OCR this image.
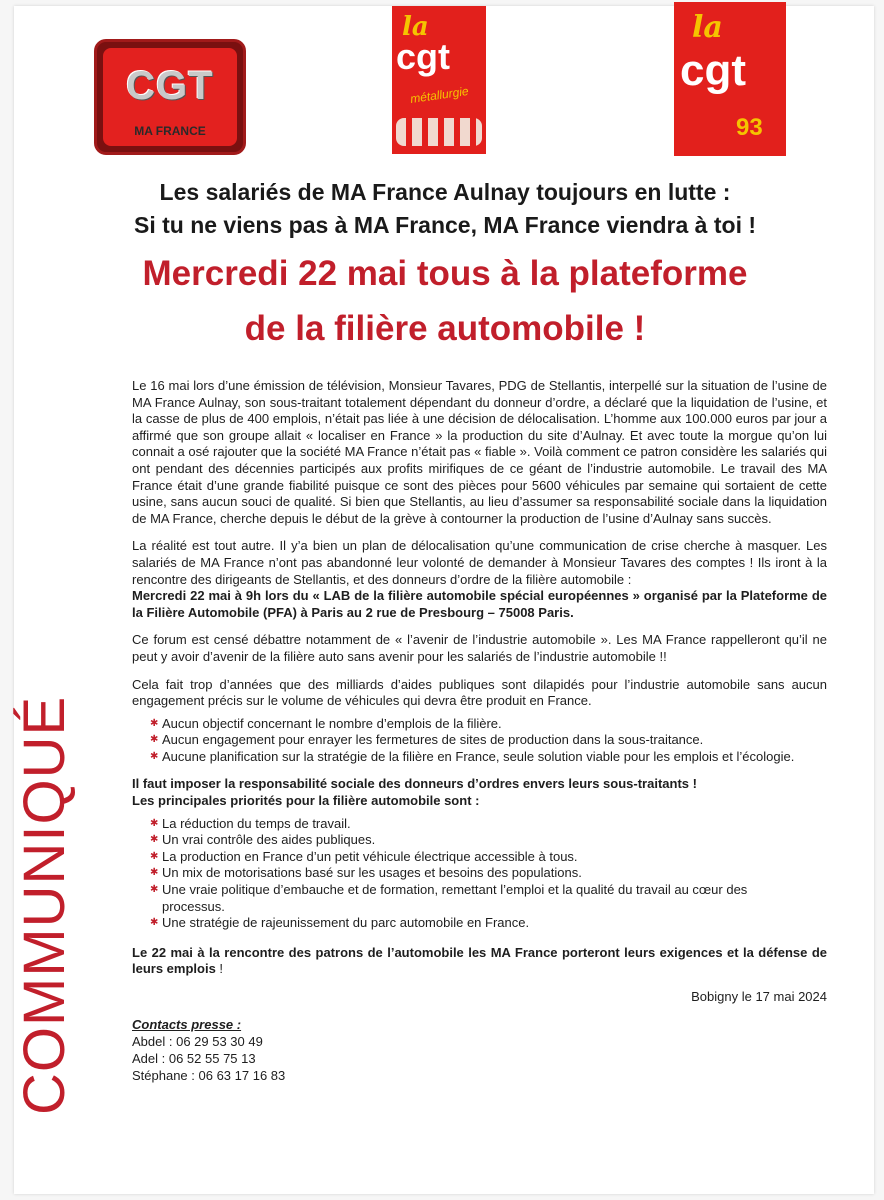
CGT
MA FRANCE
la
cgt
métallurgie
la
cgt
93
Les salariés de MA France Aulnay toujours en lutte :
Si tu ne viens pas à MA France, MA France viendra à toi !
Mercredi 22 mai tous à la plateforme
de la filière automobile !
COMMUNIQUÉ

Le 16 mai lors d’une émission de télévision, Monsieur Tavares, PDG de Stellantis, interpellé sur la situation de l’usine de MA France Aulnay, son sous-traitant totalement dépendant du donneur d’ordre, a déclaré que la liquidation de l’usine, et la casse de plus de 400 emplois, n’était pas liée à une décision de délocalisation. L’homme aux 100.000 euros par jour a affirmé que son groupe allait « localiser en France » la production du site d’Aulnay. Et avec toute la morgue qu’on lui connait a osé rajouter que la société MA France n’était pas « fiable ». Voilà comment ce patron considère les salariés qui ont pendant des décennies participés aux profits mirifiques de ce géant de l’industrie automobile. Le travail des MA France était d’une grande fiabilité puisque ce sont des pièces pour 5600 véhicules par semaine qui sortaient de cette usine, sans aucun souci de qualité. Si bien que Stellantis, au lieu d’assumer sa responsabilité sociale dans la liquidation de MA France, cherche depuis le début de la grève à contourner la production de l’usine d’Aulnay sans succès.

La réalité est tout autre. Il y’a bien un plan de délocalisation qu’une communication de crise cherche à masquer. Les salariés de MA France n’ont pas abandonné leur volonté de demander à Monsieur Tavares des comptes ! Ils iront à la rencontre des dirigeants de Stellantis, et des donneurs d’ordre de la filière automobile :

Mercredi 22 mai à 9h lors du « LAB de la filière automobile spécial européennes » organisé par la Plateforme de la Filière Automobile (PFA) à Paris au 2 rue de Presbourg – 75008 Paris.

Ce forum est censé débattre notamment de « l’avenir de l’industrie automobile ». Les MA France rappelleront qu’il ne peut y avoir d’avenir de la filière auto sans avenir pour les salariés de l’industrie automobile !!

Cela fait trop d’années que des milliards d’aides publiques sont dilapidés pour l’industrie automobile sans aucun engagement précis sur le volume de véhicules qui devra être produit en France.

✱ Aucun objectif concernant le nombre d’emplois de la filière.
✱ Aucun engagement pour enrayer les fermetures de sites de production dans la sous-traitance.
✱ Aucune planification sur la stratégie de la filière en France, seule solution viable pour les emplois et l’écologie.

Il faut imposer la responsabilité sociale des donneurs d’ordres envers leurs sous-traitants !

Les principales priorités pour la filière automobile sont :

✱ La réduction du temps de travail.
✱ Un vrai contrôle des aides publiques.
✱ La production en France d’un petit véhicule électrique accessible à tous.
✱ Un mix de motorisations basé sur les usages et besoins des populations.
✱ Une vraie politique d’embauche et de formation, remettant l’emploi et la qualité du travail au cœur des processus.
✱ Une stratégie de rajeunissement du parc automobile en France.

Le 22 mai à la rencontre des patrons de l’automobile les MA France porteront leurs exigences et la défense de leurs emplois !

Bobigny le 17 mai 2024
Contacts presse :
Abdel : 06 29 53 30 49
Adel : 06 52 55 75 13
Stéphane : 06 63 17 16 83
